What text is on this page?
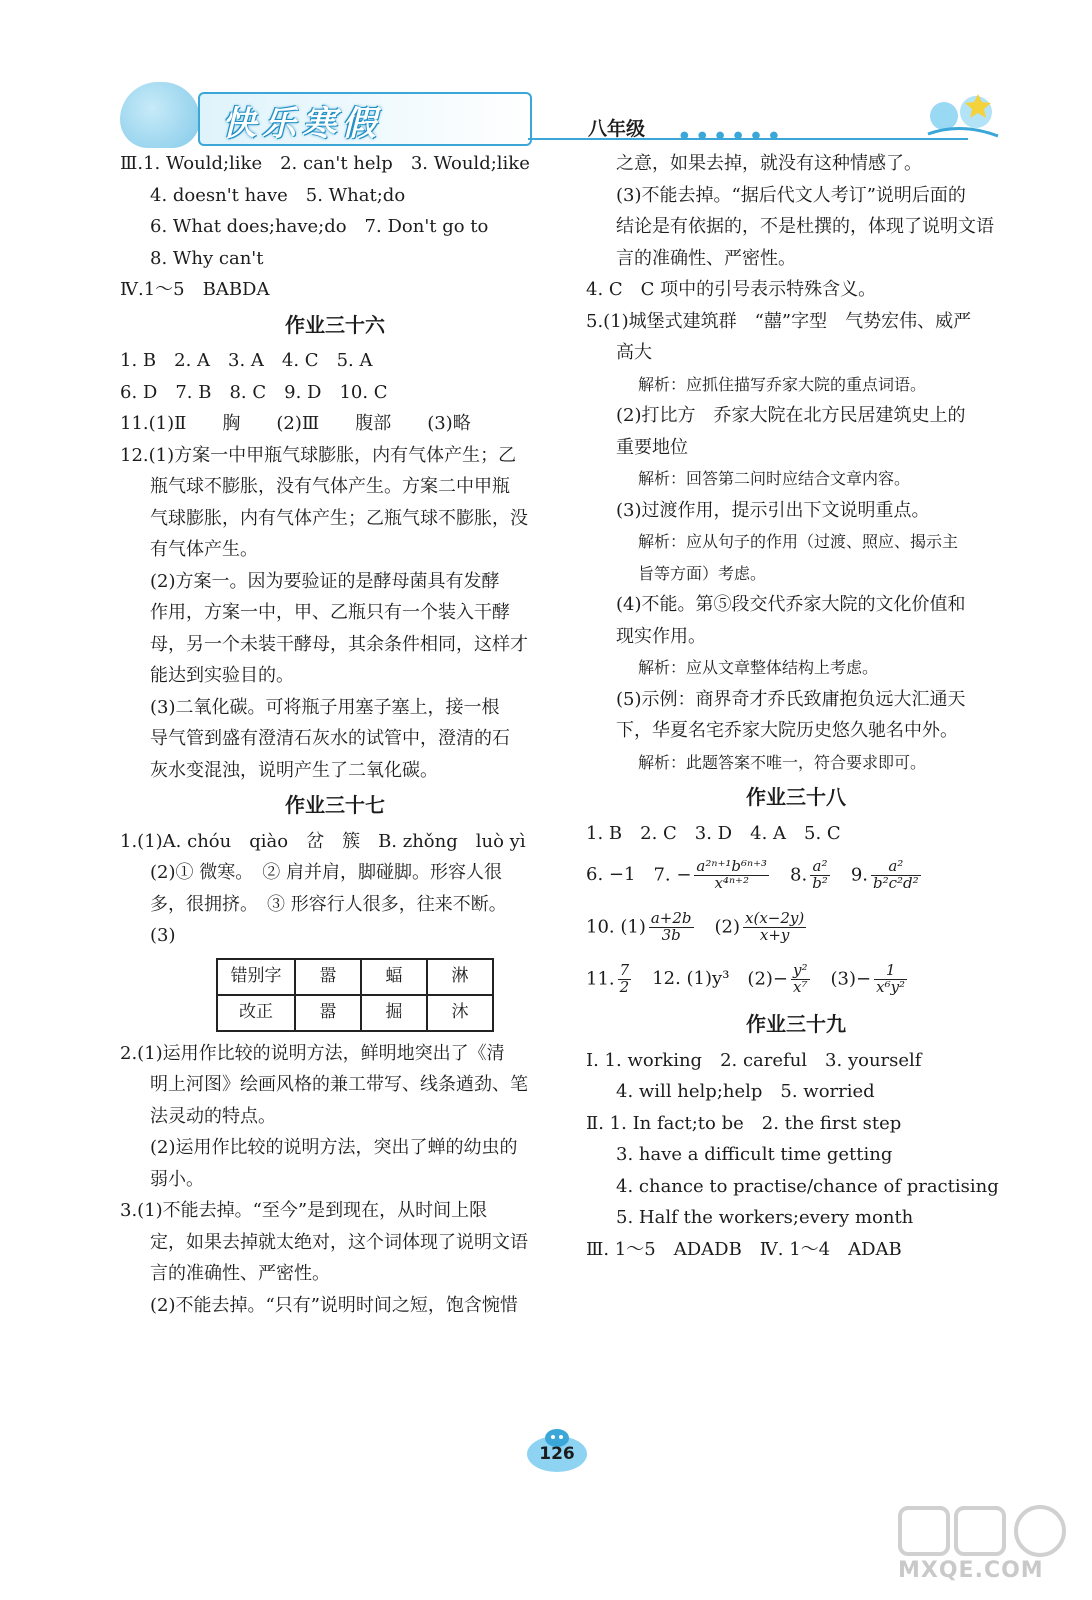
快乐寒假	八年级	● ● ● ● ● ●
Ⅲ.1. Would;like　2. can't help　3. Would;like
4. doesn't have　5. What;do
6. What does;have;do　7. Don't go to
8. Why can't
Ⅳ.1～5　BABDA
作业三十六
1. B　2. A　3. A　4. C　5. A
6. D　7. B　8. C　9. D　10. C
11.(1)Ⅱ　　胸　　(2)Ⅲ　　腹部　　(3)略
12.(1)方案一中甲瓶气球膨胀，内有气体产生；乙
瓶气球不膨胀，没有气体产生。方案二中甲瓶
气球膨胀，内有气体产生；乙瓶气球不膨胀，没
有气体产生。
(2)方案一。因为要验证的是酵母菌具有发酵
作用，方案一中，甲、乙瓶只有一个装入干酵
母，另一个未装干酵母，其余条件相同，这样才
能达到实验目的。
(3)二氧化碳。可将瓶子用塞子塞上，接一根
导气管到盛有澄清石灰水的试管中，澄清的石
灰水变混浊，说明产生了二氧化碳。
作业三十七
1.(1)A. chóu　qiào　岔　簇　B. zhǒng　luò yì
(2)① 微寒。　② 肩并肩，脚碰脚。形容人很
多，很拥挤。　③ 形容行人很多，往来不断。
(3)
错别字	嚣	蝠	淋
改正	嚣	掘	沐
2.(1)运用作比较的说明方法，鲜明地突出了《清
明上河图》绘画风格的兼工带写、线条遒劲、笔
法灵动的特点。
(2)运用作比较的说明方法，突出了蝉的幼虫的
弱小。
3.(1)不能去掉。“至今”是到现在，从时间上限
定，如果去掉就太绝对，这个词体现了说明文语
言的准确性、严密性。
(2)不能去掉。“只有”说明时间之短，饱含惋惜
之意，如果去掉，就没有这种情感了。
(3)不能去掉。“据后代文人考订”说明后面的
结论是有依据的，不是杜撰的，体现了说明文语
言的准确性、严密性。
4. C　C 项中的引号表示特殊含义。
5.(1)城堡式建筑群　“囍”字型　气势宏伟、威严
高大
解析：应抓住描写乔家大院的重点词语。
(2)打比方　乔家大院在北方民居建筑史上的
重要地位
解析：回答第二问时应结合文章内容。
(3)过渡作用，提示引出下文说明重点。
解析：应从句子的作用（过渡、照应、揭示主
旨等方面）考虑。
(4)不能。第⑤段交代乔家大院的文化价值和
现实作用。
解析：应从文章整体结构上考虑。
(5)示例：商界奇才乔氏致庸抱负远大汇通天
下，华夏名宅乔家大院历史悠久驰名中外。
解析：此题答案不唯一，符合要求即可。
作业三十八
1. B　2. C　3. D　4. A　5. C
6. −1 7. − $\frac{\text{a²ⁿ⁺¹b⁶ⁿ⁺³}}{\text{x⁴ⁿ⁺²}} 8$. $\frac{\text{a²}}{\text{b²}} 9$. $\frac{\text{a²}}{\text{b²c²d²}}$
10. $(1) \frac{a+2b}{3b} (2) \frac{x(x-2y)}{x+y}$
11. $\frac{7}{2} 12$. (1)y³ $(2)- \frac{\text{y²}}{\text{x⁷}} (3)- \frac{1}{\text{x⁶y²}}$
作业三十九
Ⅰ. 1. working　2. careful　3. yourself
4. will help;help　5. worried
Ⅱ. 1. In fact;to be　2. the first step
3. have a difficult time getting
4. chance to practise/chance of practising
5. Half the workers;every month
Ⅲ. 1～5　ADADB　Ⅳ. 1～4　ADAB
126
MXQE.COM
